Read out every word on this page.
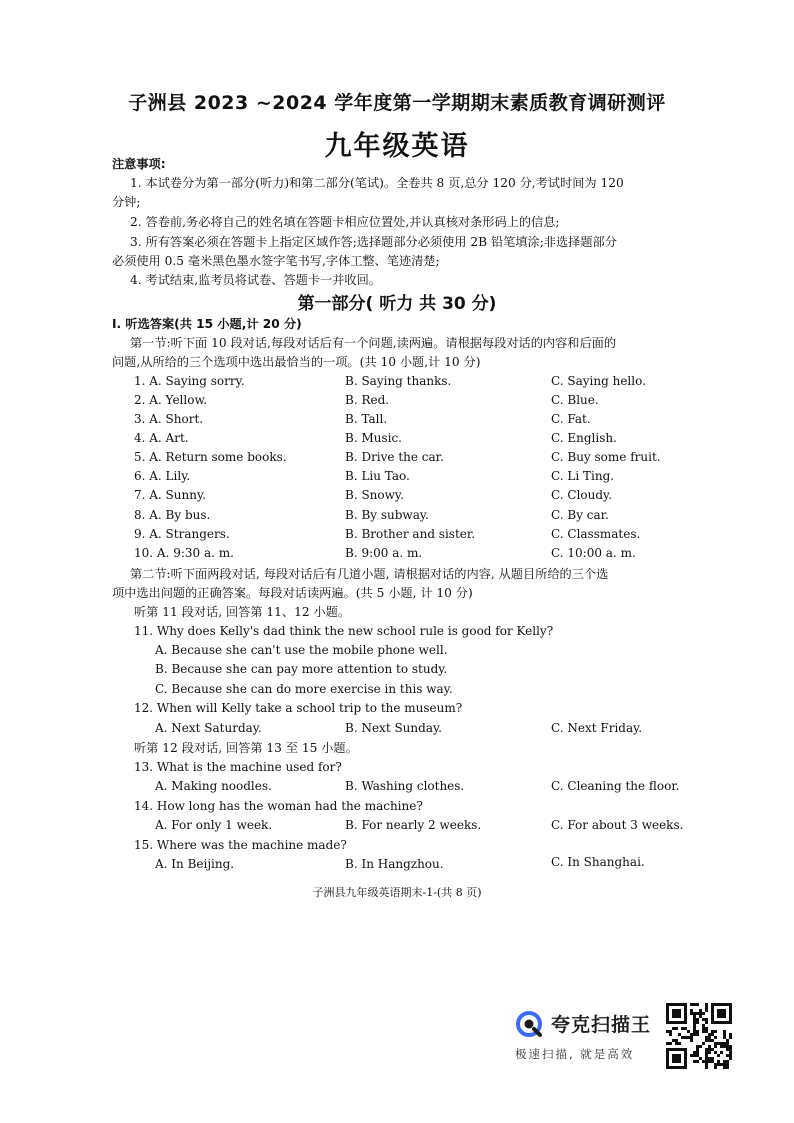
子洲县 2023 ~2024 学年度第一学期期末素质教育调研测评
九年级英语
注意事项:
1. 本试卷分为第一部分(听力)和第二部分(笔试)。全卷共 8 页,总分 120 分,考试时间为 120
分钟;
2. 答卷前,务必将自己的姓名填在答题卡相应位置处,并认真核对条形码上的信息;
3. 所有答案必须在答题卡上指定区域作答;选择题部分必须使用 2B 铅笔填涂;非选择题部分
必须使用 0.5 毫米黑色墨水签字笔书写,字体工整、笔迹清楚;
4. 考试结束,监考员将试卷、答题卡一并收回。
第一部分( 听力 共 30 分)
Ⅰ. 听选答案(共 15 小题,计 20 分)
第一节:听下面 10 段对话,每段对话后有一个问题,读两遍。请根据每段对话的内容和后面的
问题,从所给的三个选项中选出最恰当的一项。(共 10 小题,计 10 分)
1. A. Saying sorry.	B. Saying thanks.	C. Saying hello.
2. A. Yellow.	B. Red.	C. Blue.
3. A. Short.	B. Tall.	C. Fat.
4. A. Art.	B. Music.	C. English.
5. A. Return some books.	B. Drive the car.	C. Buy some fruit.
6. A. Lily.	B. Liu Tao.	C. Li Ting.
7. A. Sunny.	B. Snowy.	C. Cloudy.
8. A. By bus.	B. By subway.	C. By car.
9. A. Strangers.	B. Brother and sister.	C. Classmates.
10. A. 9:30 a. m.	B. 9:00 a. m.	C. 10:00 a. m.
第二节:听下面两段对话, 每段对话后有几道小题, 请根据对话的内容, 从题目所给的三个选
项中选出问题的正确答案。每段对话读两遍。(共 5 小题, 计 10 分)
听第 11 段对话, 回答第 11、12 小题。
11. Why does Kelly's dad think the new school rule is good for Kelly?
A. Because she can't use the mobile phone well.
B. Because she can pay more attention to study.
C. Because she can do more exercise in this way.
12. When will Kelly take a school trip to the museum?
A. Next Saturday.	B. Next Sunday.	C. Next Friday.
听第 12 段对话, 回答第 13 至 15 小题。
13. What is the machine used for?
A. Making noodles.	B. Washing clothes.	C. Cleaning the floor.
14. How long has the woman had the machine?
A. For only 1 week.	B. For nearly 2 weeks.	C. For about 3 weeks.
15. Where was the machine made?
A. In Beijing.	B. In Hangzhou.	C. In Shanghai.
子洲县九年级英语期末-1-(共 8 页)
夸克扫描王
极速扫描, 就是高效
